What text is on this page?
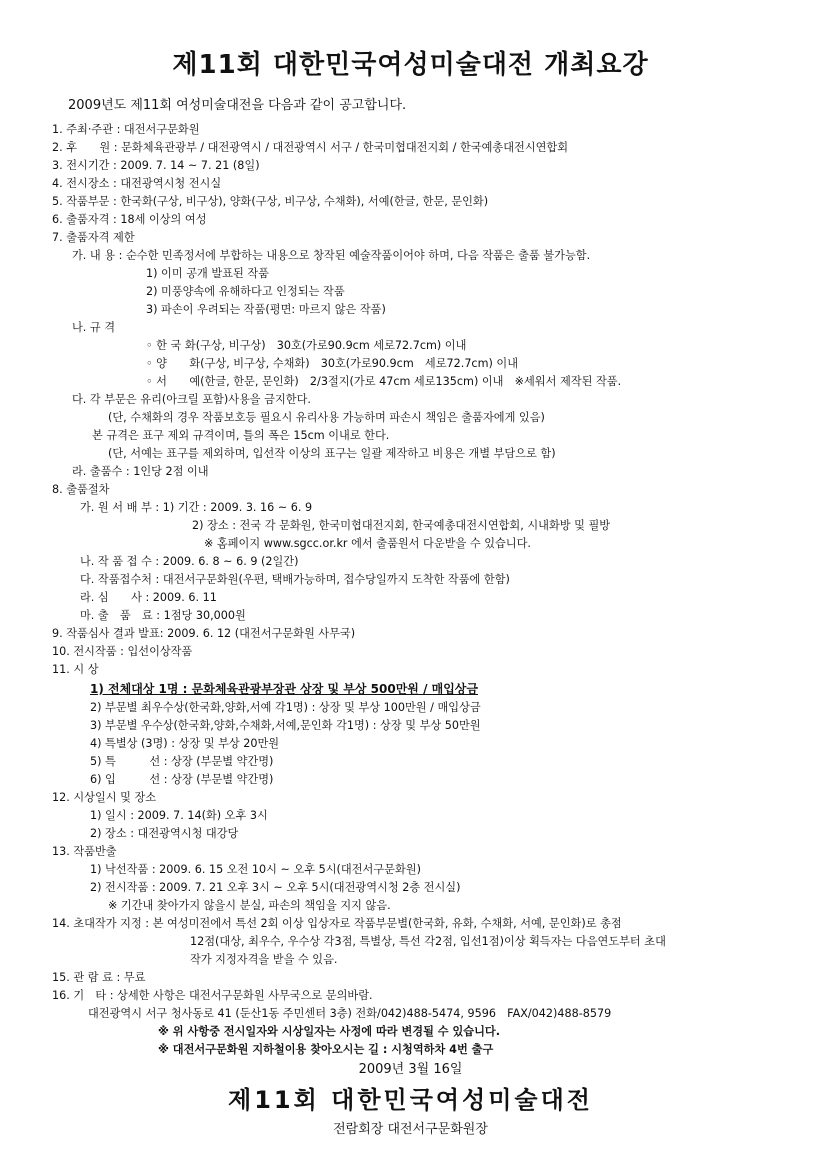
제11회 대한민국여성미술대전 개최요강
2009년도 제11회 여성미술대전을 다음과 같이 공고합니다.
1. 주최·주관 : 대전서구문화원
2. 후　　원 : 문화체육관광부 / 대전광역시 / 대전광역시 서구 / 한국미협대전지회 / 한국예총대전시연합회
3. 전시기간 : 2009. 7. 14 ~ 7. 21 (8일)
4. 전시장소 : 대전광역시청 전시실
5. 작품부문 : 한국화(구상, 비구상), 양화(구상, 비구상, 수채화), 서예(한글, 한문, 문인화)
6. 출품자격 : 18세 이상의 여성
7. 출품자격 제한
가. 내 용 : 순수한 민족정서에 부합하는 내용으로 창작된 예술작품이어야 하며, 다음 작품은 출품 불가능함.
1) 이미 공개 발표된 작품
2) 미풍양속에 유해하다고 인정되는 작품
3) 파손이 우려되는 작품(평면: 마르지 않은 작품)
나. 규 격
◦ 한 국 화(구상, 비구상)　30호(가로90.9cm 세로72.7cm) 이내
◦ 양　　화(구상, 비구상, 수채화)　30호(가로90.9cm　세로72.7cm) 이내
◦ 서　　예(한글, 한문, 문인화)　2/3절지(가로 47cm 세로135cm) 이내　※세워서 제작된 작품.
다. 각 부문은 유리(아크릴 포함)사용을 금지한다.
(단, 수채화의 경우 작품보호등 필요시 유리사용 가능하며 파손시 책임은 출품자에게 있음)
본 규격은 표구 제외 규격이며, 틀의 폭은 15cm 이내로 한다.
(단, 서예는 표구를 제외하며, 입선작 이상의 표구는 일괄 제작하고 비용은 개별 부담으로 함)
라. 출품수 : 1인당 2점 이내
8. 출품절차
가. 원 서 배 부 : 1) 기간 : 2009. 3. 16 ~ 6. 9
2) 장소 : 전국 각 문화원, 한국미협대전지회, 한국예총대전시연합회, 시내화방 및 필방
※ 홈페이지 www.sgcc.or.kr 에서 출품원서 다운받을 수 있습니다.
나. 작 품 접 수 : 2009. 6. 8 ~ 6. 9 (2일간)
다. 작품접수처 : 대전서구문화원(우편, 택배가능하며, 접수당일까지 도착한 작품에 한함)
라. 심　　사 : 2009. 6. 11
마. 출　품　료 : 1점당 30,000원
9. 작품심사 결과 발표: 2009. 6. 12 (대전서구문화원 사무국)
10. 전시작품 : 입선이상작품
11. 시 상
1) 전체대상 1명 : 문화체육관광부장관 상장 및 부상 500만원 / 매입상금
2) 부문별 최우수상(한국화,양화,서예 각1명) : 상장 및 부상 100만원 / 매입상금
3) 부문별 우수상(한국화,양화,수채화,서예,문인화 각1명) : 상장 및 부상 50만원
4) 특별상 (3명) : 상장 및 부상 20만원
5) 특　　　선 : 상장 (부문별 약간명)
6) 입　　　선 : 상장 (부문별 약간명)
12. 시상일시 및 장소
1) 일시 : 2009. 7. 14(화) 오후 3시
2) 장소 : 대전광역시청 대강당
13. 작품반출
1) 낙선작품 : 2009. 6. 15 오전 10시 ~ 오후 5시(대전서구문화원)
2) 전시작품 : 2009. 7. 21 오후 3시 ~ 오후 5시(대전광역시청 2층 전시실)
※ 기간내 찾아가지 않을시 분실, 파손의 책임을 지지 않음.
14. 초대작가 지정 : 본 여성미전에서 특선 2회 이상 입상자로 작품부문별(한국화, 유화, 수채화, 서예, 문인화)로 총점
12점(대상, 최우수, 우수상 각3점, 특별상, 특선 각2점, 입선1점)이상 획득자는 다음연도부터 초대
작가 지정자격을 받을 수 있음.
15. 관 람 료 : 무료
16. 기　타 : 상세한 사항은 대전서구문화원 사무국으로 문의바람.
대전광역시 서구 청사동로 41 (둔산1동 주민센터 3층) 전화/042)488-5474, 9596　FAX/042)488-8579
※ 위 사항중 전시일자와 시상일자는 사정에 따라 변경될 수 있습니다.
※ 대전서구문화원 지하철이용 찾아오시는 길 : 시청역하차 4번 출구
2009년 3월 16일
제11회 대한민국여성미술대전
전람회장 대전서구문화원장
